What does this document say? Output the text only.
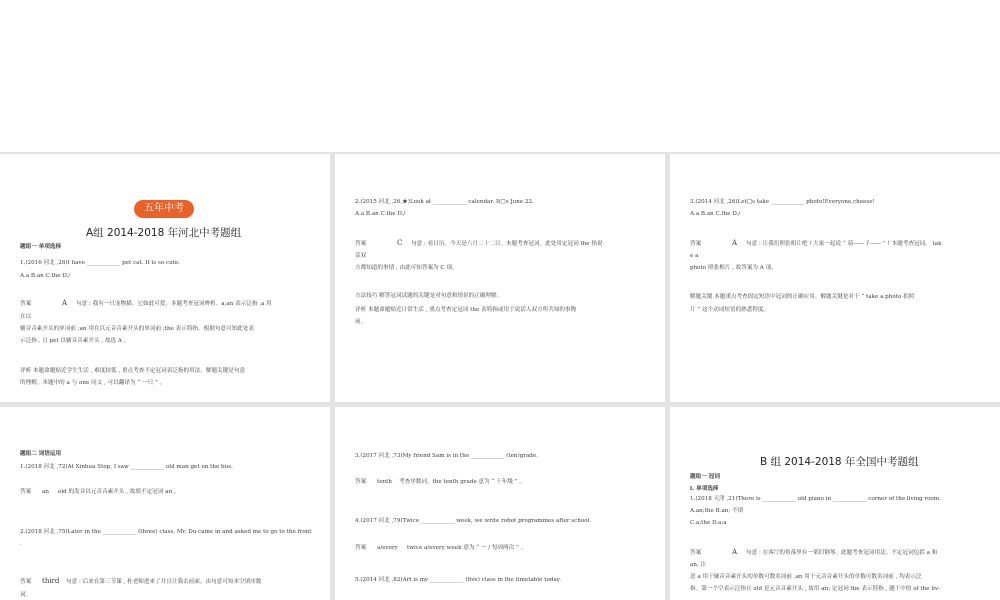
五年中考
A组 2014-2018 年河北中考题组
题组一 单项选择
1.(2016 河北 ,26)I have ____________ pet cat. It is so cute.
A.a B.an C.the D./
答案	A 句意 : 我有一只宠物猫。它如此可爱。本题考查冠词辨析。a,an 表示泛指 ,a 用
在以
辅音音素开头的单词前 ;an 用在以元音音素开头的单词前 ;the 表示特指。根据句意可知此处表
示泛指 , 且 pet 以辅音音素开头 , 故选 A 。
评析 本题命题贴近学生生活 , 难度较低 , 重点考查不定冠词表泛指的用法。解题关键是句意
的理解。本题中的 a 与 one 同义 , 可以翻译为 “ 一只 ” 。
2.(2015 河北 ,26,★)Look at ____________ calendar. It□s June 22.
A.a B.an C.the D./
答案	C 句意 : 看日历。今天是六月二十二日。本题考查冠词。此处用定冠词 the 指说
话双
方都知道的事情 , 由此可知答案为 C 项。
方法技巧 解答冠词试题的关键是对句意和情景的正确理解。
评析 本题命题贴近日常生活 , 重点考查定冠词 the 表特指或用于说话人双方所共知的事物
前。
3.(2014 河北 ,26)Let□s take ____________ photo!Everyone,cheese!
A.a B.an C.the D./
答案	A 句意 : 让我们照张相片吧 ! 大家一起说 “ 茄——子—— ” ! 本题考查冠词。 tak
e a
photo 照张相片 , 故答案为 A 项。
解题关键 本题重点考查固定短语中冠词的正确应用。解题关键是对于 “ take a photo 拍照
片 ” 这个动词短语的熟悉程度。
题组二 词语运用
1.(2018 河北 ,72)At Xinhua Stop, I saw ____________ old man get on the bus.
答案 an old 的发音以元音音素开头 , 故填不定冠词 an 。
2.(2018 河北 ,75)Later in the ____________ (three) class, Mr. Du came in and asked me to go to the front
.
答案 third 句意 : 后来在第三节课 , 杜老师进来了并且让我去前面。由句意可知本空填序数
词。
3.(2017 河北 ,73)My friend Sam is in the ____________ (ten)grade.
答案 tenth 考查序数词。the tenth grade 意为 “ 十年级 ” 。
4.(2017 河北 ,79)Twice ____________ week, we write robot programmes after school.
答案 a/every twice a/every week 意为 “ 一 / 每周两次 ” 。
5.(2014 河北 ,82)Art is my ____________ (five) class in the timetable today.
B 组 2014-2018 年全国中考题组
题组一 冠词
Ⅰ. 单项选择
1.(2018 天津 ,21)There is ____________ old piano in ____________ corner of the living room.
A.an;the B.an; 不填
C.a;the D.a;a
答案	A 句意 : 在客厅的角落里有一架旧钢琴。此题考查冠词用法。不定冠词包括 a 和
an, 注
意 a 用于辅音音素开头的单数可数名词前 ,an 用于元音音素开头的单数可数名词前 , 均表示泛
指。第一个空表示泛指且 old 是元音音素开头 , 故用 an; 定冠词 the 表示特指 , 题干中的 of the liv-
